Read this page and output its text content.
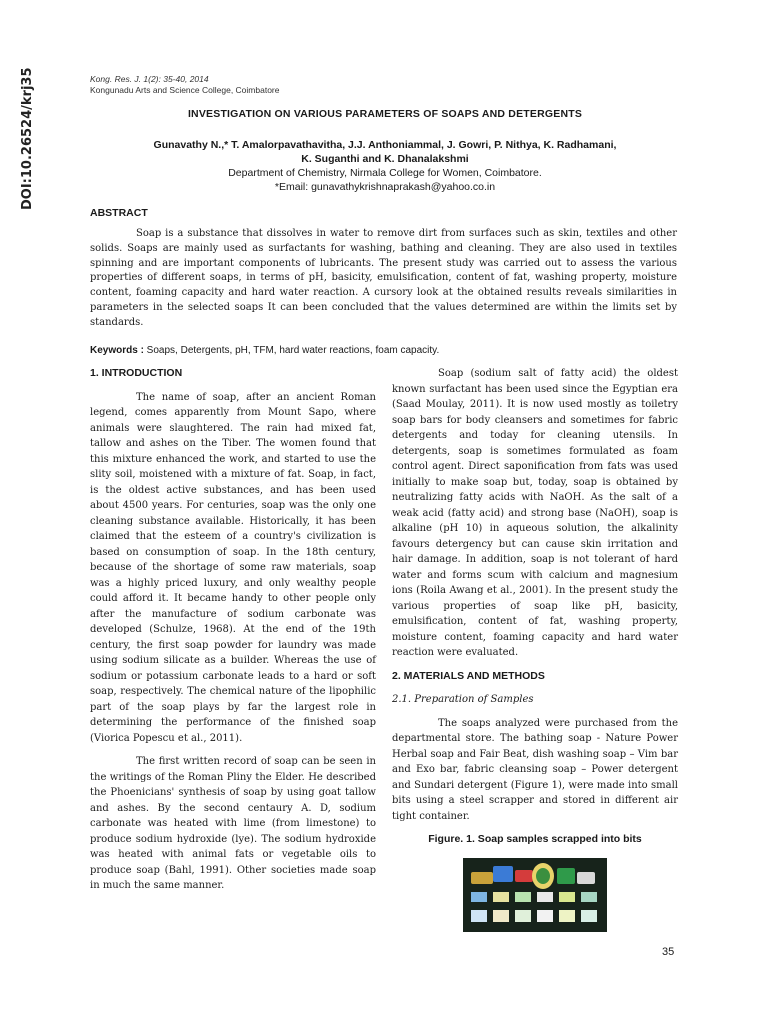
DOI:10.26524/krj35	Kong. Res. J. 1(2): 35-40, 2014
Kongunadu Arts and Science College, Coimbatore
INVESTIGATION ON VARIOUS PARAMETERS OF SOAPS AND DETERGENTS
Gunavathy N.,* T. Amalorpavathavitha, J.J. Anthoniammal, J. Gowri, P. Nithya, K. Radhamani,
K. Suganthi and K. Dhanalakshmi
Department of Chemistry, Nirmala College for Women, Coimbatore.
*Email: gunavathykrishnaprakash@yahoo.co.in
ABSTRACT

Soap is a substance that dissolves in water to remove dirt from surfaces such as skin, textiles and other solids. Soaps are mainly used as surfactants for washing, bathing and cleaning. They are also used in textiles spinning and are important components of lubricants. The present study was carried out to assess the various properties of different soaps, in terms of pH, basicity, emulsification, content of fat, washing property, moisture content, foaming capacity and hard water reaction. A cursory look at the obtained results reveals similarities in parameters in the selected soaps It can been concluded that the values determined are within the limits set by standards.

Keywords : Soaps, Detergents, pH, TFM, hard water reactions, foam capacity.
1. INTRODUCTION

The name of soap, after an ancient Roman legend, comes apparently from Mount Sapo, where animals were slaughtered. The rain had mixed fat, tallow and ashes on the Tiber. The women found that this mixture enhanced the work, and started to use the slity soil, moistened with a mixture of fat. Soap, in fact, is the oldest active substances, and has been used about 4500 years. For centuries, soap was the only one cleaning substance available. Historically, it has been claimed that the esteem of a country's civilization is based on consumption of soap. In the 18th century, because of the shortage of some raw materials, soap was a highly priced luxury, and only wealthy people could afford it. It became handy to other people only after the manufacture of sodium carbonate was developed (Schulze, 1968). At the end of the 19th century, the first soap powder for laundry was made using sodium silicate as a builder. Whereas the use of sodium or potassium carbonate leads to a hard or soft soap, respectively. The chemical nature of the lipophilic part of the soap plays by far the largest role in determining the performance of the finished soap (Viorica Popescu et al., 2011).

The first written record of soap can be seen in the writings of the Roman Pliny the Elder. He described the Phoenicians' synthesis of soap by using goat tallow and ashes. By the second centaury A. D, sodium carbonate was heated with lime (from limestone) to produce sodium hydroxide (lye). The sodium hydroxide was heated with animal fats or vegetable oils to produce soap (Bahl, 1991). Other societies made soap in much the same manner.

Soap (sodium salt of fatty acid) the oldest known surfactant has been used since the Egyptian era (Saad Moulay, 2011). It is now used mostly as toiletry soap bars for body cleansers and sometimes for fabric detergents and today for cleaning utensils. In detergents, soap is sometimes formulated as foam control agent. Direct saponification from fats was used initially to make soap but, today, soap is obtained by neutralizing fatty acids with NaOH. As the salt of a weak acid (fatty acid) and strong base (NaOH), soap is alkaline (pH 10) in aqueous solution, the alkalinity favours detergency but can cause skin irritation and hair damage. In addition, soap is not tolerant of hard water and forms scum with calcium and magnesium ions (Roila Awang et al., 2001). In the present study the various properties of soap like pH, basicity, emulsification, content of fat, washing property, moisture content, foaming capacity and hard water reaction were evaluated.

2. MATERIALS AND METHODS
2.1. Preparation of Samples

The soaps analyzed were purchased from the departmental store. The bathing soap - Nature Power Herbal soap and Fair Beat, dish washing soap – Vim bar and Exo bar, fabric cleansing soap – Power detergent and Sundari detergent (Figure 1), were made into small bits using a steel scrapper and stored in different air tight container.

Figure. 1. Soap samples scrapped into bits
35
